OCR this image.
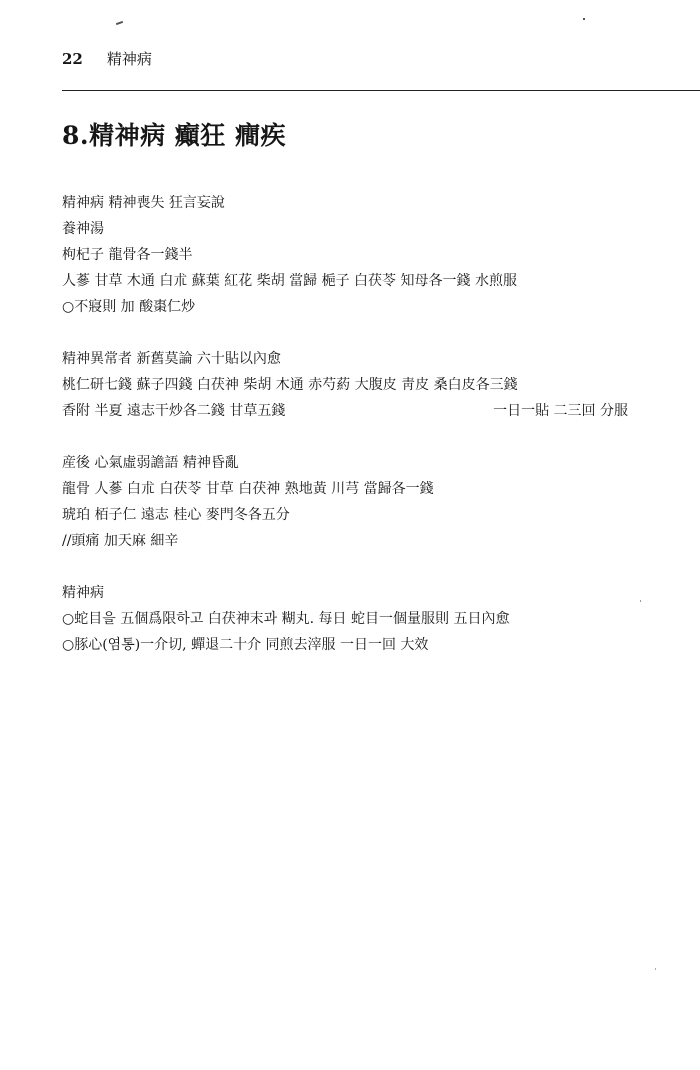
22 精神病
8.精神病 癲狂 癎疾
精神病 精神喪失 狂言妄說
養神湯
枸杞子 龍骨各一錢半
人蔘 甘草 木通 白朮 蘇葉 紅花 柴胡 當歸 梔子 白茯苓 知母各一錢 水煎服
○不寢則 加 酸棗仁炒
精神異常者 新舊莫論 六十貼以內愈
桃仁研七錢 蘇子四錢 白茯神 柴胡 木通 赤芍葯 大腹皮 靑皮 桑白皮各三錢
香附 半夏 遠志干炒各二錢 甘草五錢	一日一貼 二三回 分服
産後 心氣虛弱譫語 精神昏亂
龍骨 人蔘 白朮 白茯苓 甘草 白茯神 熟地黃 川芎 當歸各一錢
琥珀 栢子仁 遠志 桂心 麥門冬各五分
//頭痛 加天麻 細辛
精神病
○蛇目을 五個爲限하고 白茯神末과 糊丸. 每日 蛇目一個量服則 五日內愈
○豚心(염통)一介切, 蟬退二十介 同煎去滓服 一日一回 大效
